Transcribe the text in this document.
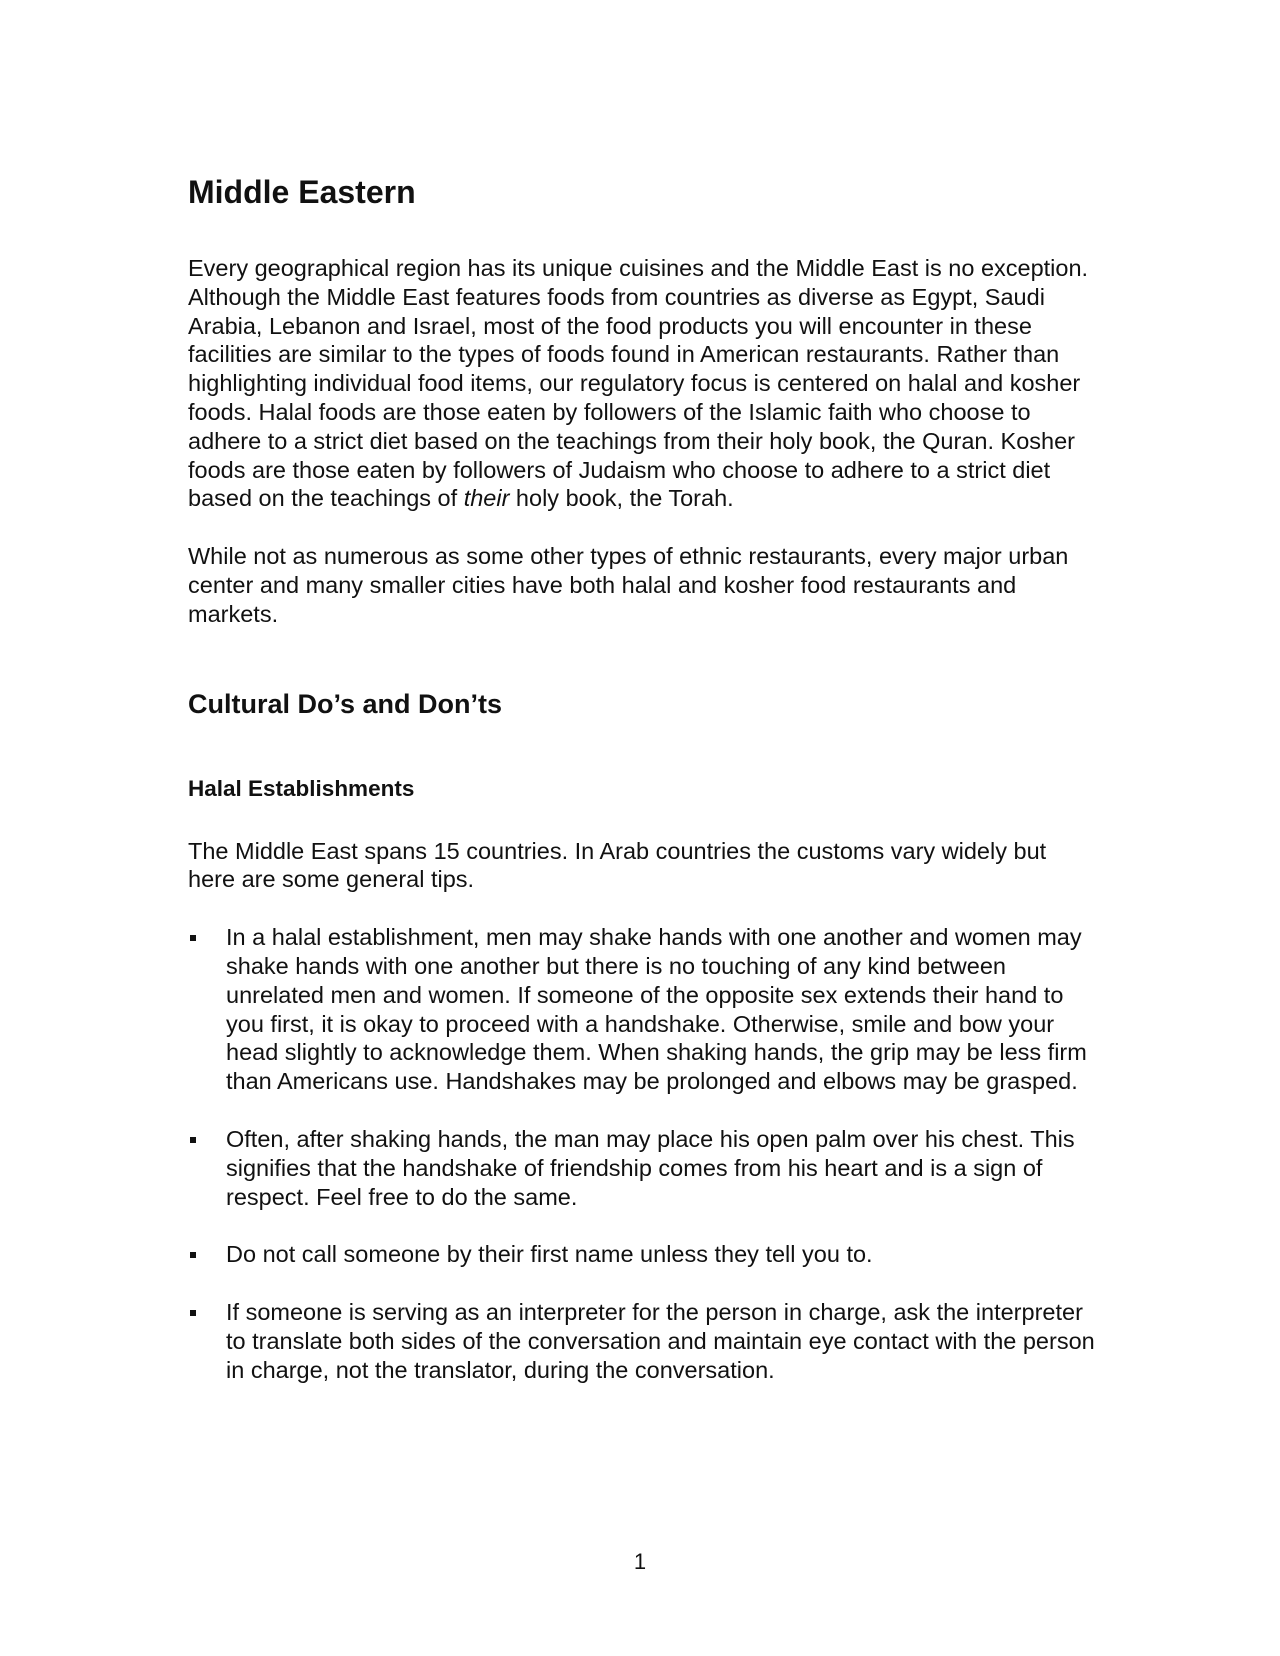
Middle Eastern

Every geographical region has its unique cuisines and the Middle East is no exception. Although the Middle East features foods from countries as diverse as Egypt, Saudi Arabia, Lebanon and Israel, most of the food products you will encounter in these facilities are similar to the types of foods found in American restaurants. Rather than highlighting individual food items, our regulatory focus is centered on halal and kosher foods. Halal foods are those eaten by followers of the Islamic faith who choose to adhere to a strict diet based on the teachings from their holy book, the Quran. Kosher foods are those eaten by followers of Judaism who choose to adhere to a strict diet based on the teachings of their holy book, the Torah.

While not as numerous as some other types of ethnic restaurants, every major urban center and many smaller cities have both halal and kosher food restaurants and markets.

Cultural Do’s and Don’ts
Halal Establishments

The Middle East spans 15 countries. In Arab countries the customs vary widely but here are some general tips.

In a halal establishment, men may shake hands with one another and women may shake hands with one another but there is no touching of any kind between unrelated men and women. If someone of the opposite sex extends their hand to you first, it is okay to proceed with a handshake. Otherwise, smile and bow your head slightly to acknowledge them. When shaking hands, the grip may be less firm than Americans use. Handshakes may be prolonged and elbows may be grasped.
Often, after shaking hands, the man may place his open palm over his chest. This signifies that the handshake of friendship comes from his heart and is a sign of respect. Feel free to do the same.
Do not call someone by their first name unless they tell you to.
If someone is serving as an interpreter for the person in charge, ask the interpreter to translate both sides of the conversation and maintain eye contact with the person in charge, not the translator, during the conversation.
1
